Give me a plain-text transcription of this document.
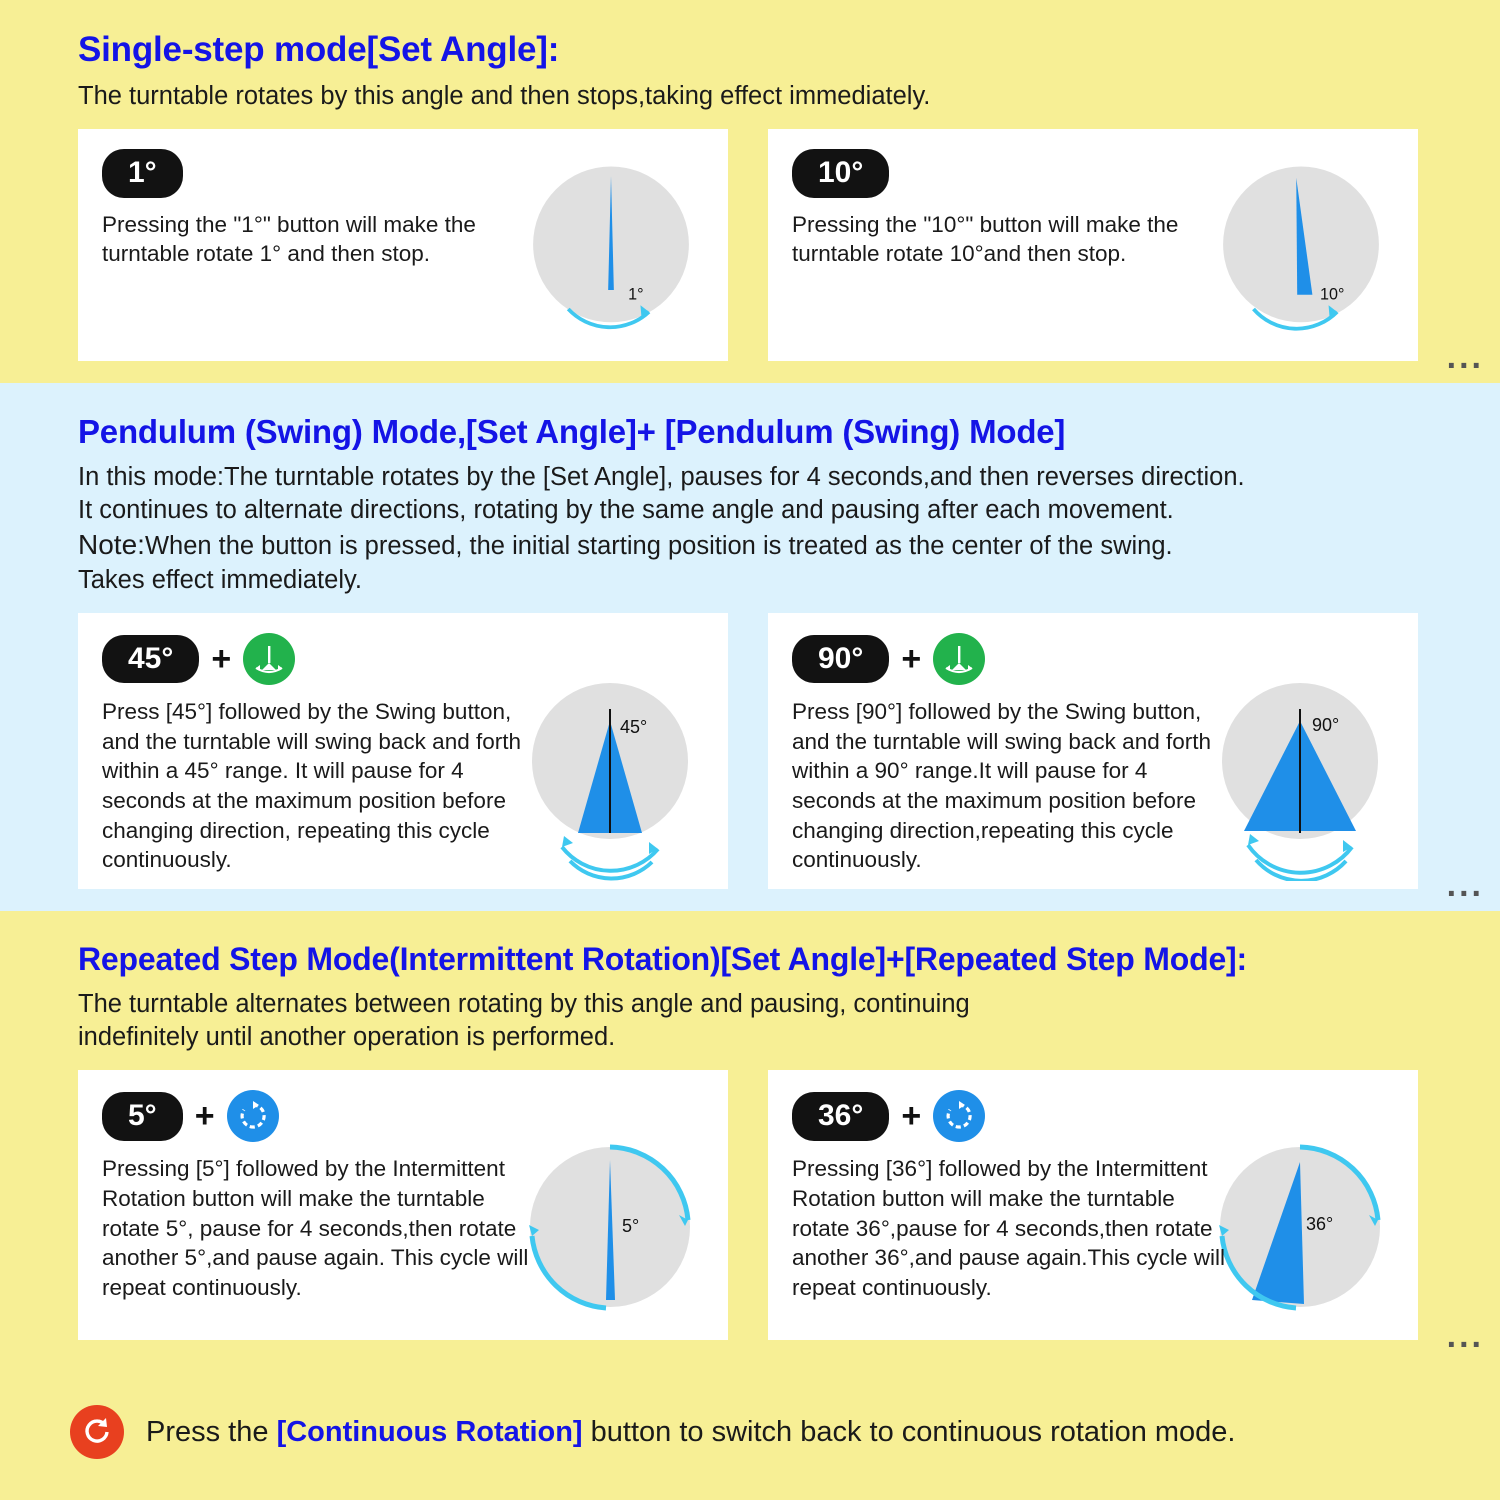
Single-step mode[Set Angle]:

The turntable rotates by this angle and then stops,taking effect immediately.

1°
Pressing the "1°" button will make the turntable rotate 1° and then stop.
1°
10°
Pressing the "10°" button will make the turntable rotate 10°and then stop.
10°
...
Pendulum (Swing) Mode,[Set Angle]+ [Pendulum (Swing) Mode]

In this mode:The turntable rotates by the [Set Angle], pauses for 4 seconds,and then reverses direction.
It continues to alternate directions, rotating by the same angle and pausing after each movement.
Note:When the button is pressed, the initial starting position is treated as the center of the swing.
Takes effect immediately.

45°	+
Press [45°] followed by the Swing button, and the turntable will swing back and forth within a 45° range. It will pause for 4 seconds at the maximum position before changing direction, repeating this cycle continuously.
45°
90°	+
Press [90°] followed by the Swing button, and the turntable will swing back and forth within a 90° range.It will pause for 4 seconds at the maximum position before changing direction,repeating this cycle continuously.
90°
...
Repeated Step Mode(Intermittent Rotation)[Set Angle]+[Repeated Step Mode]:

The turntable alternates between rotating by this angle and pausing, continuing
indefinitely until another operation is performed.

5°	+
Pressing [5°] followed by the Intermittent Rotation button will make the turntable rotate 5°, pause for 4 seconds,then rotate another 5°,and pause again. This cycle will repeat continuously.
5°
36°	+
Pressing [36°] followed by the Intermittent Rotation button will make the turntable rotate 36°,pause for 4 seconds,then rotate another 36°,and pause again.This cycle will repeat continuously.
36°
...
Press the [Continuous Rotation] button to switch back to continuous rotation mode.
